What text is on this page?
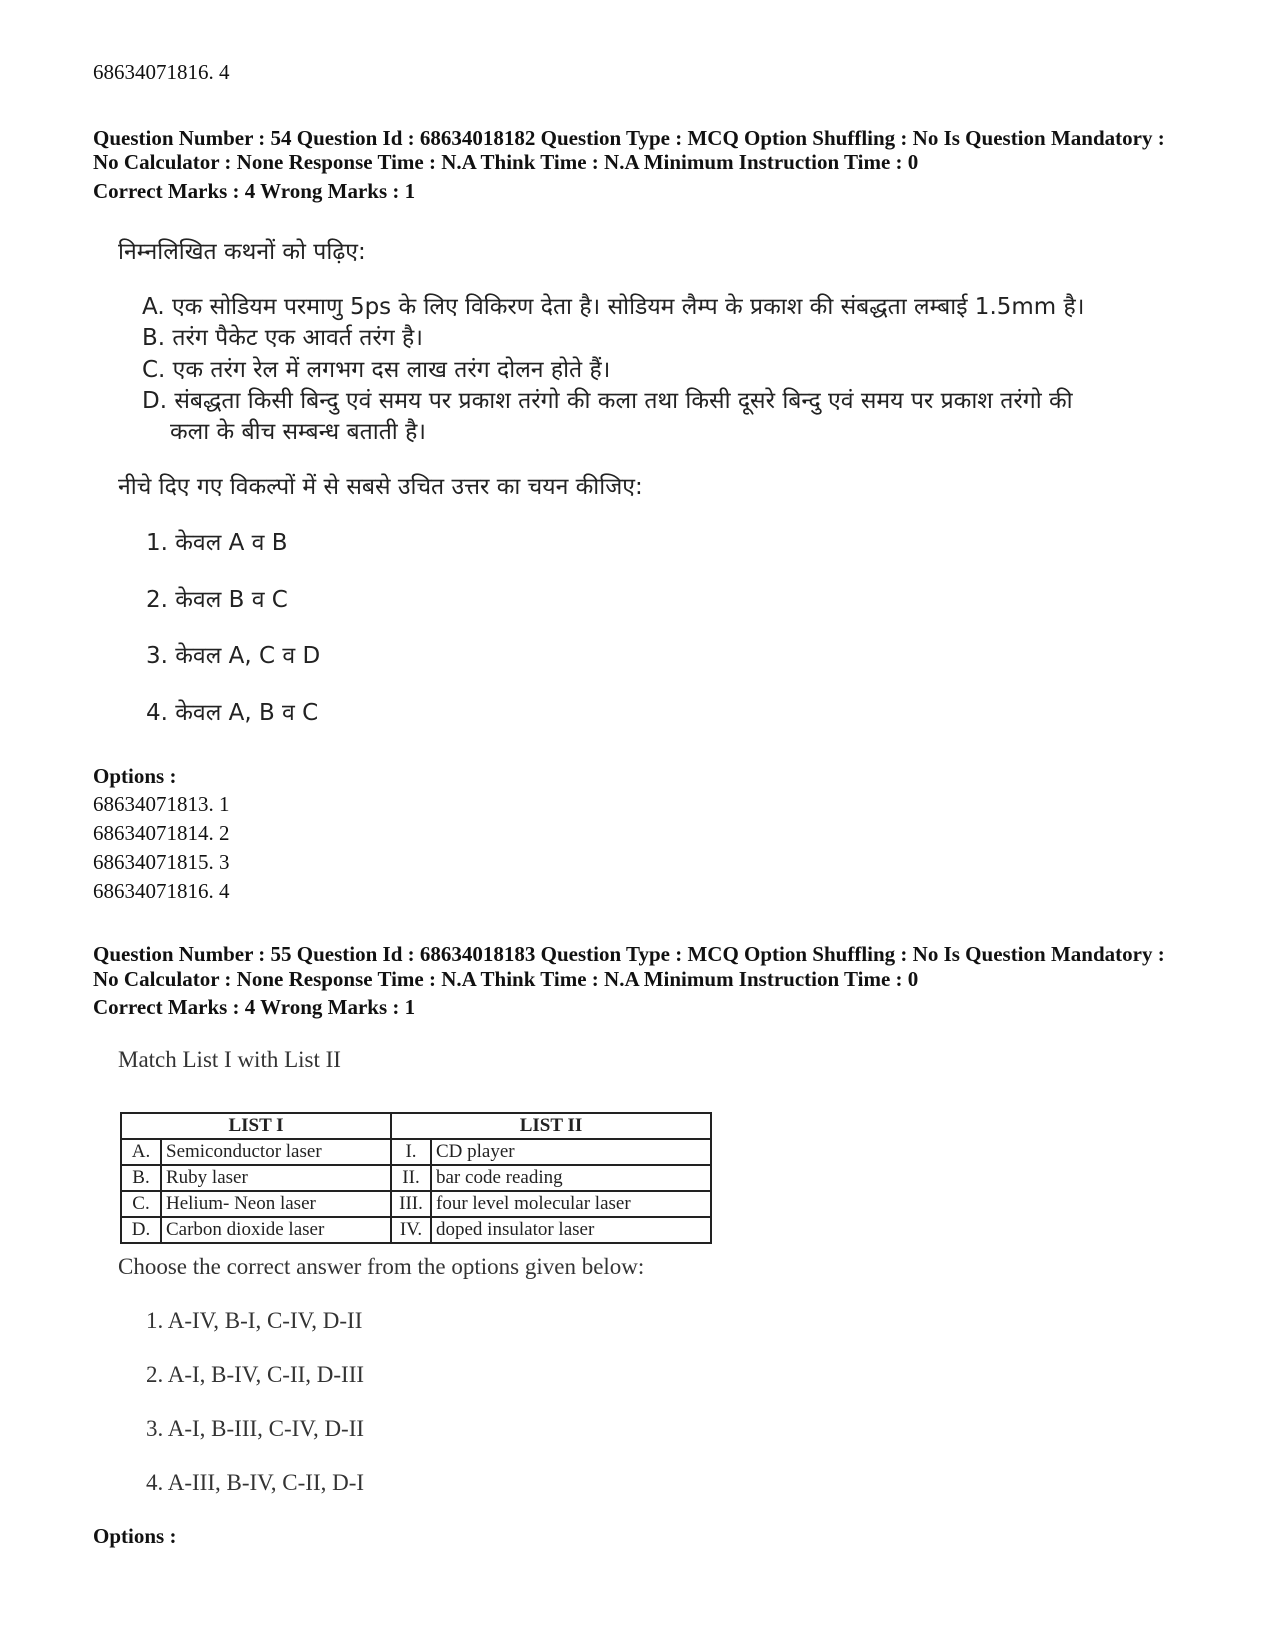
68634071816. 4
Question Number : 54 Question Id : 68634018182 Question Type : MCQ Option Shuffling : No Is Question Mandatory :
No Calculator : None Response Time : N.A Think Time : N.A Minimum Instruction Time : 0
Correct Marks : 4 Wrong Marks : 1
निम्नलिखित कथनों को पढ़िए:
A. एक सोडियम परमाणु 5ps के लिए विकिरण देता है। सोडियम लैम्प के प्रकाश की संबद्धता लम्बाई 1.5mm है।
B. तरंग पैकेट एक आवर्त तरंग है।
C. एक तरंग रेल में लगभग दस लाख तरंग दोलन होते हैं।
D. संबद्धता किसी बिन्दु एवं समय पर प्रकाश तरंगो की कला तथा किसी दूसरे बिन्दु एवं समय पर प्रकाश तरंगो की
कला के बीच सम्बन्ध बताती है।
नीचे दिए गए विकल्पों में से सबसे उचित उत्तर का चयन कीजिए:
1. केवल A व B
2. केवल B व C
3. केवल A, C व D
4. केवल A, B व C
Options :
68634071813. 1
68634071814. 2
68634071815. 3
68634071816. 4
Question Number : 55 Question Id : 68634018183 Question Type : MCQ Option Shuffling : No Is Question Mandatory :
No Calculator : None Response Time : N.A Think Time : N.A Minimum Instruction Time : 0
Correct Marks : 4 Wrong Marks : 1
Match List I with List II
LIST I		LIST II	
A.	Semiconductor laser	I.	CD player
B.	Ruby laser	II.	bar code reading
C.	Helium- Neon laser	III.	four level molecular laser
D.	Carbon dioxide laser	IV.	doped insulator laser
Choose the correct answer from the options given below:
1. A-IV, B-I, C-IV, D-II
2. A-I, B-IV, C-II, D-III
3. A-I, B-III, C-IV, D-II
4. A-III, B-IV, C-II, D-I
Options :
